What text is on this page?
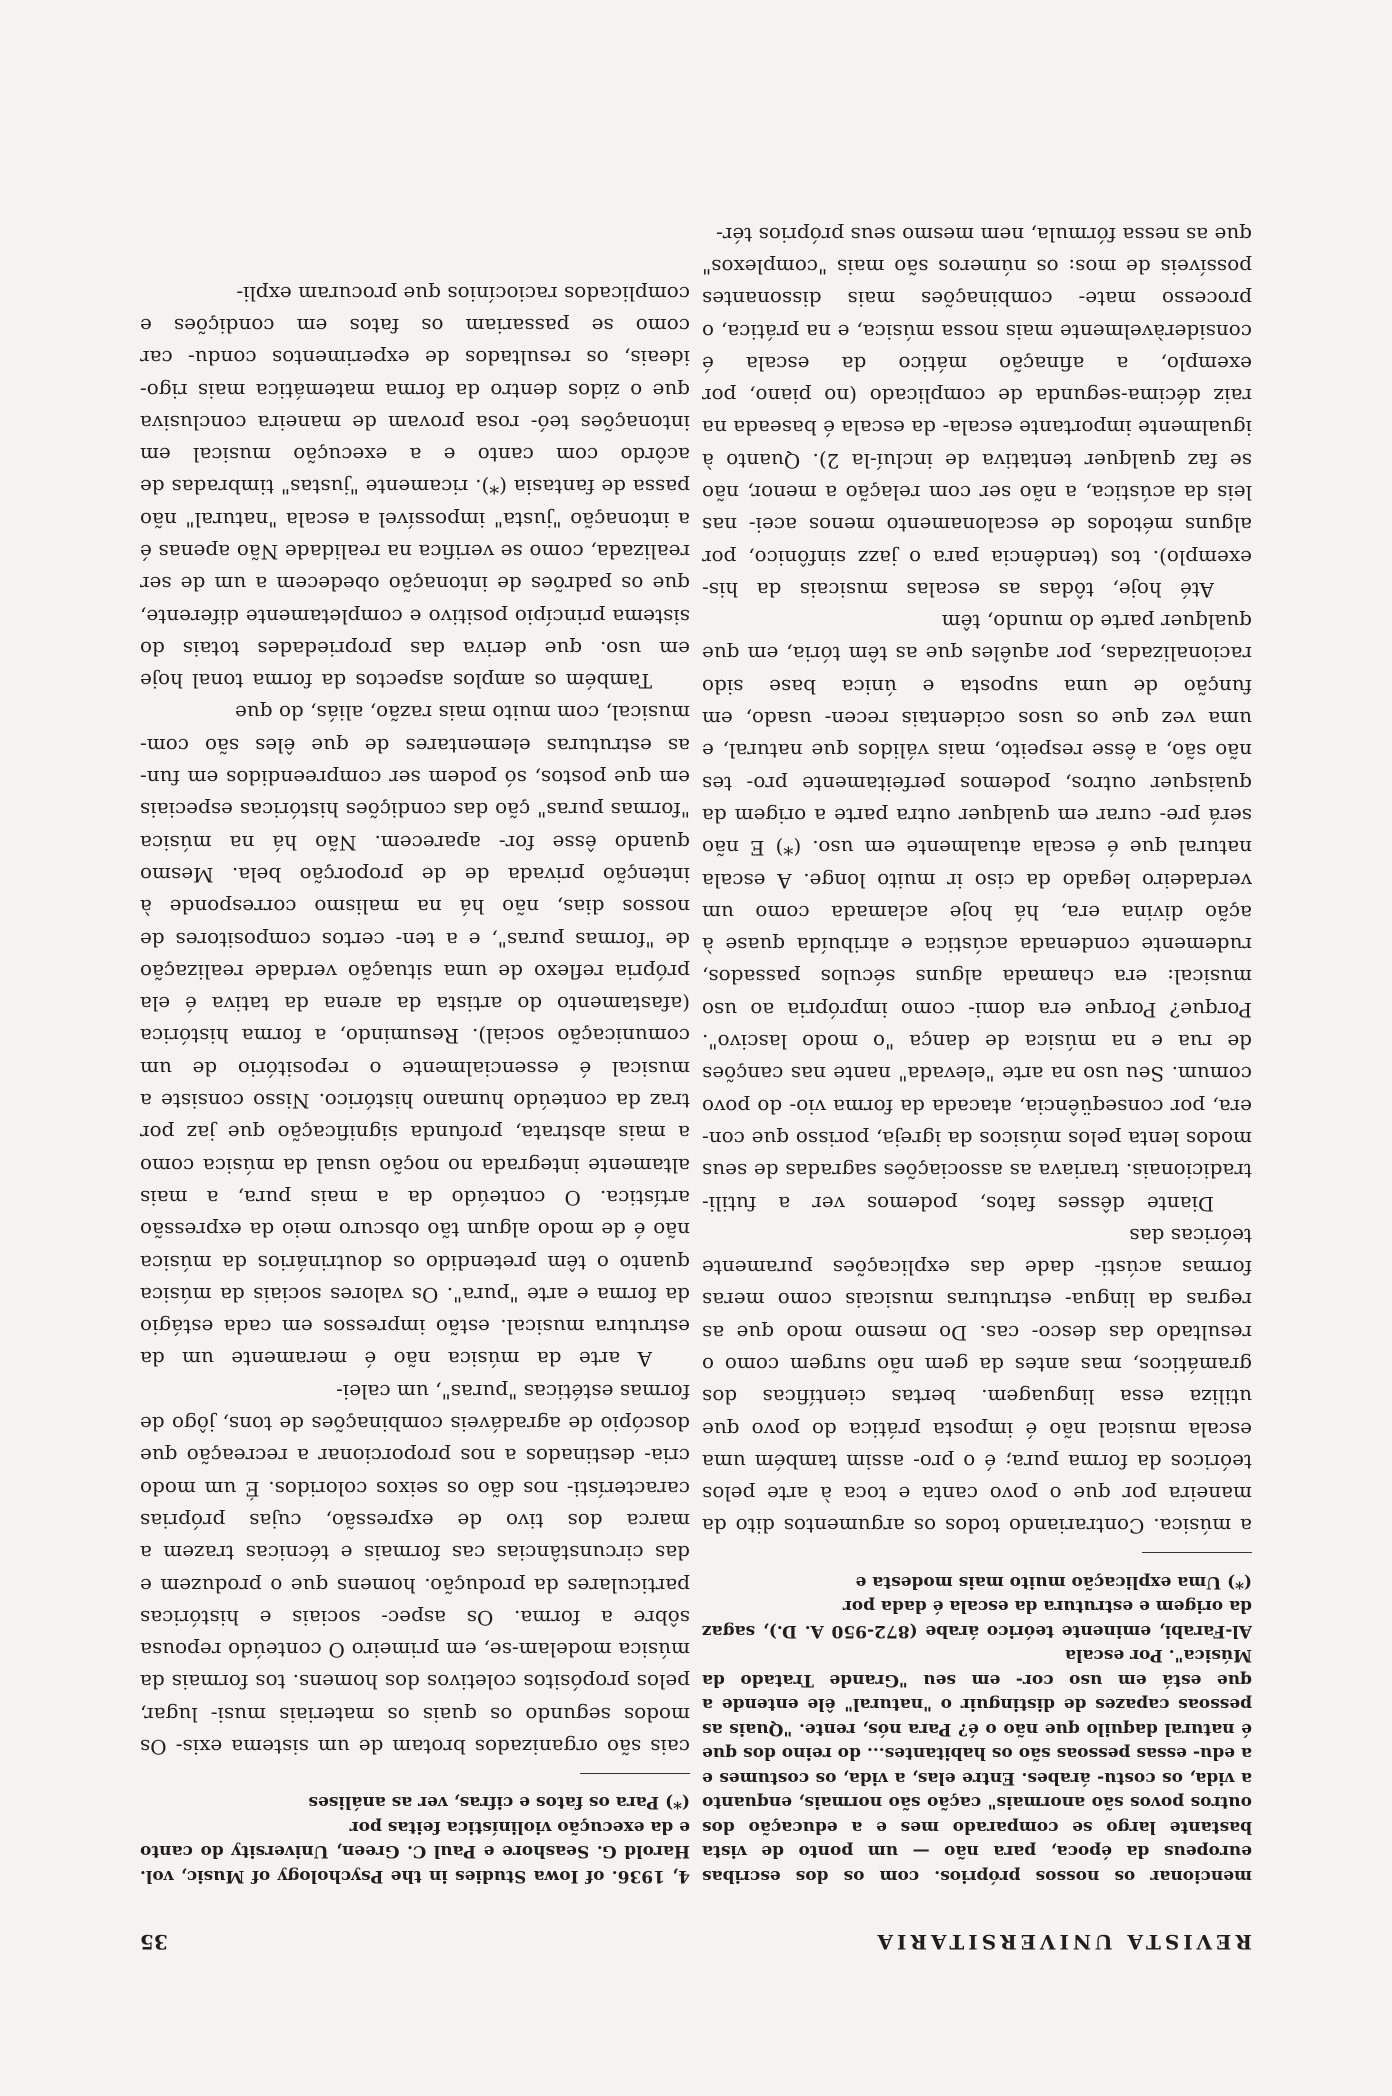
REVISTA UNIVERSITARIA
35

mencionar os nossos próprios. com os dos escribas europeus da época, para não — um ponto de vista bastante largo se comparado mes e a educação dos outros povos são anormais" cação são normais, enquanto a vida, os costu- árabes. Entre elas, a vida, os costumes e a edu- essas pessoas são os habitantes... do reino dos que é natural daquilo que não o é? Para nós, rente. "Quais as pessoas capazes de distinguir o "natural" êle entende a que está em uso cor- em seu "Grande Tratado da Música". Por escala

Al-Farabi, eminente teórico árabe (872-950 A. D.), sagaz da origem e estrutura da escala é dada por

(*) Uma explicação muito mais modesta e

a música. Contrariando todos os argumentos dito da maneira por que o povo canta e toca à arte pelos teóricos da forma pura; é o pro- assim também uma escala musical não é imposta prática do povo que utiliza essa linguagem. bertas científicas dos gramáticos, mas antes da gem não surgem como o resultado das desco- cas. Do mesmo modo que as regras da lingua- estruturas musicais como meras formas acústi- dade das explicações puramente teóricas das

Diante dêsses fatos, podemos ver a futili- tradicionais. trariava as associações sagradas de seus modos lenta pelos músicos da igreja, porisso que con- era, por conseqüência, atacada da forma vio- do povo comum. Seu uso na arte "elevada" nante nas canções de rua e na música de dança "o modo lascivo". Porque? Porque era domi- como imprópria ao uso musical: era chamada alguns séculos passados, rudemente condenada acústica e atribuída quase à ação divina era, há hoje aclamada como um verdadeiro legado da ciso ir muito longe. A escala natural que é escala atualmente em uso. (*) E não será pre- curar em qualquer outra parte a origem da quaisquer outros, podemos perfeitamente pro- tes não são, a êsse respeito, mais válidos que natural, e uma vez que os usos ocidentais recen- usado, em função de uma suposta e única base sido racionalizadas, por aquêles que as têm tória, em que qualquer parte do mundo, têm

Até hoje, tôdas as escalas musicais da his- exemplo). tos (tendência para o jazz sinfônico, por alguns métodos de escalonamento menos acei- nas leis da acústica, a não ser com relação a menor, não se faz qualquer tentativa de incluí-la 2). Quanto à igualmente importante escala- da escala é baseada na raiz décima-segunda de complicado (no piano, por exemplo, a afinação mático da escala é consideràvelmente mais nossa música, e na prática, o processo mate- combinações mais dissonantes possíveis de mos: os números são mais "complexos" que as nessa fórmula, nem mesmo seus próprios tér-

4, 1936. of Iowa Studies in the Psychology of Music, vol. Harold G. Seashore e Paul C. Green, University do canto e da execução violinística feitas por

(*) Para os fatos e cifras, ver as análises

cais são organizados brotam de um sistema exis- Os modos segundo os quais os materiais musi- lugar, pelos propósitos coletivos dos homens. tos formais da música modelam-se, em primeiro O conteúdo repousa sôbre a forma. Os aspec- sociais e históricas particulares da produção. homens que o produzem e das circunstâncias cas formais e técnicas trazem a marca dos tivo de expressão, cujas próprias característi- nos dão os seixos coloridos. É um modo cria- destinados a nos proporcionar a recreação que doscópio de agradáveis combinações de tons, jôgo de formas estéticas "puras", um calei-

A arte da música não é meramente um da estrutura musical. estão impressos em cada estágio da forma e arte "pura". Os valores sociais da música quanto o têm pretendido os doutrinários da música não é de modo algum tão obscuro meio da expressão artística. O conteúdo da a mais pura, a mais altamente integrada no noção usual da música como a mais abstrata, profunda significação que jaz por traz da conteúdo humano histórico. Nisso consiste a musical é essencialmente o repositório de um comunicação social). Resumindo, a forma histórica (afastamento do artista da arena da tativa é ela própria reflexo de uma situação verdade realização de "formas puras", e a ten- certos compositores de nossos dias, não há na malismo corresponde à intenção privada de de proporção bela. Mesmo quando êsse for- aparecem. Não há na música "formas puras" ção das condições históricas especiais em que postos, só podem ser compreendidos em fun- as estruturas elementares de que êles são com- musical, com muito mais razão, aliás, do que

Também os amplos aspectos da forma tonal hoje em uso. que deriva das propriedades totais do sistema princípio positivo e completamente diferente, que os padrões de intonação obedecem a um de ser realizada, como se verifica na realidade Não apenas é a intonação "justa" impossível a escala "natural" não passa de fantasia (*). ricamente "justas" timbradas de acôrdo com canto e a execução musical em intonações teó- rosa provam de maneira conclusiva que o zidos dentro da forma matemática mais rigo- ideais, os resultados de experimentos condu- car como se passariam os fatos em condições e complicados raciocínios que procuram expli-
